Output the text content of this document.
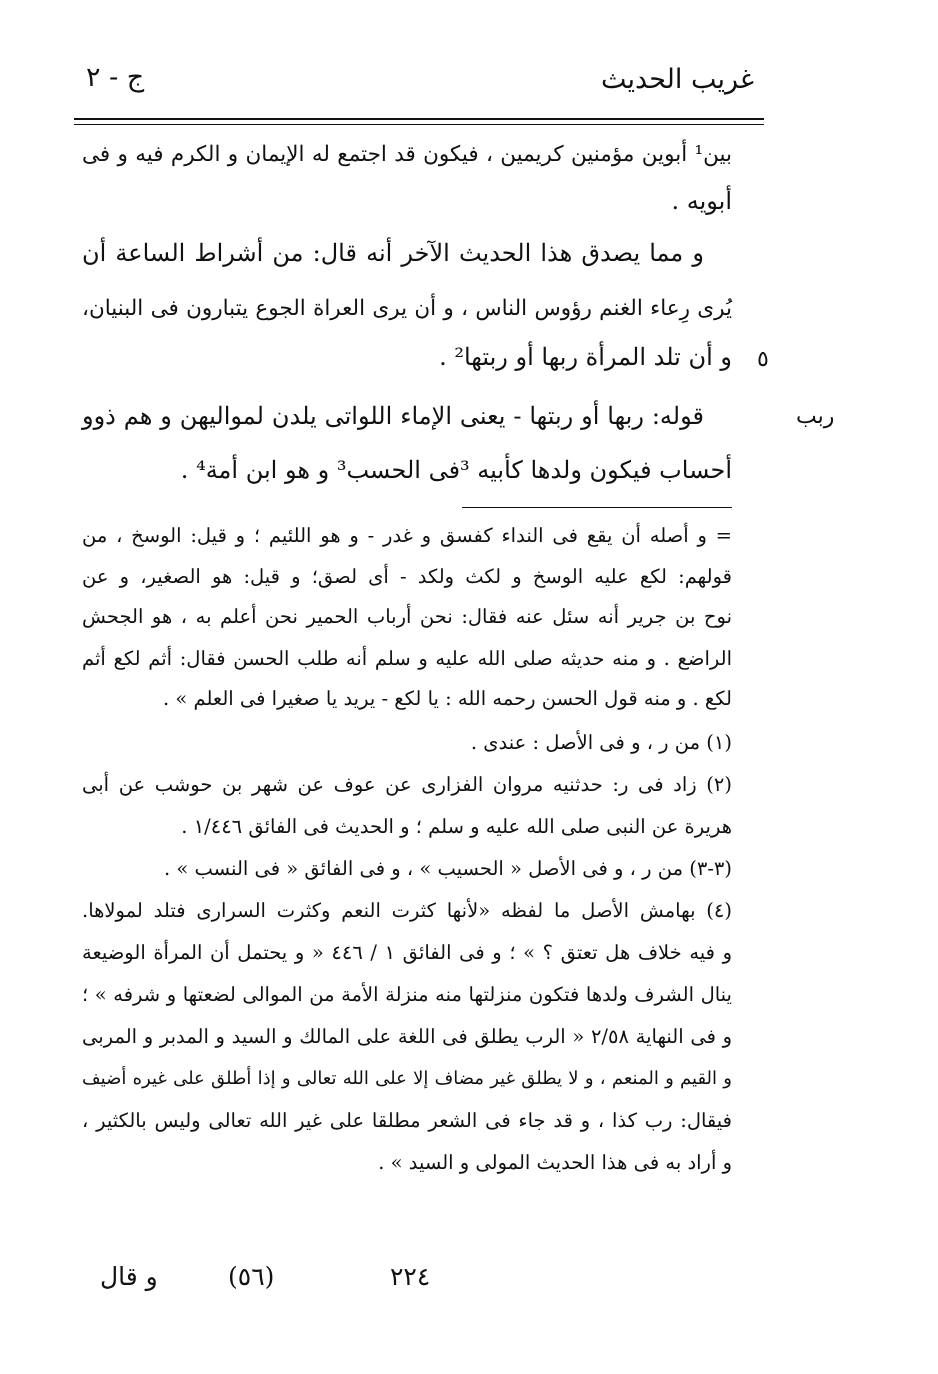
غريب الحديث
ج - ٢
بين¹ أبوين مؤمنين كريمين ، فيكون قد اجتمع له الإيمان و الكرم فيه و فى
أبويه .
و مما يصدق هذا الحديث الآخر أنه قال: من أشراط الساعة أن
يُرى رِعاء الغنم رؤوس الناس ، و أن يرى العراة الجوع يتبارون فى البنيان،
و أن تلد المرأة ربها أو ربتها² .
قوله: ربها أو ربتها - يعنى الإماء اللواتى يلدن لمواليهن و هم ذوو
أحساب فيكون ولدها كأبيه ³فى الحسب³ و هو ابن أمة⁴ .
٥
ربب
= و أصله أن يقع فى النداء كفسق و غدر - و هو اللئيم ؛ و قيل: الوسخ ، من
قولهم: لكع عليه الوسخ و لكث ولكد - أى لصق؛ و قيل: هو الصغير، و عن
نوح بن جرير أنه سئل عنه فقال: نحن أرباب الحمير نحن أعلم به ، هو الجحش
الراضع . و منه حديثه صلى الله عليه و سلم أنه طلب الحسن فقال: أثم لكع أثم
لكع . و منه قول الحسن رحمه الله : يا لكع - يريد يا صغيرا فى العلم » .
(١) من ر ، و فى الأصل : عندى .
(٢) زاد فى ر: حدثنيه مروان الفزارى عن عوف عن شهر بن حوشب عن أبى
هريرة عن النبى صلى الله عليه و سلم ؛ و الحديث فى الفائق ١/٤٤٦ .
(٣-٣) من ر ، و فى الأصل « الحسيب » ، و فى الفائق « فى النسب » .
(٤) بهامش الأصل ما لفظه «لأنها كثرت النعم وكثرت السرارى فتلد لمولاها.
و فيه خلاف هل تعتق ؟ » ؛ و فى الفائق ١ / ٤٤٦ « و يحتمل أن المرأة الوضيعة
ينال الشرف ولدها فتكون منزلتها منه منزلة الأمة من الموالى لضعتها و شرفه » ؛
و فى النهاية ٢/٥٨ « الرب يطلق فى اللغة على المالك و السيد و المدبر و المربى
و القيم و المنعم ، و لا يطلق غير مضاف إلا على الله تعالى و إذا أطلق على غيره أضيف
فيقال: رب كذا ، و قد جاء فى الشعر مطلقا على غير الله تعالى وليس بالكثير ،
و أراد به فى هذا الحديث المولى و السيد » .
٢٢٤
(٥٦)
و قال
